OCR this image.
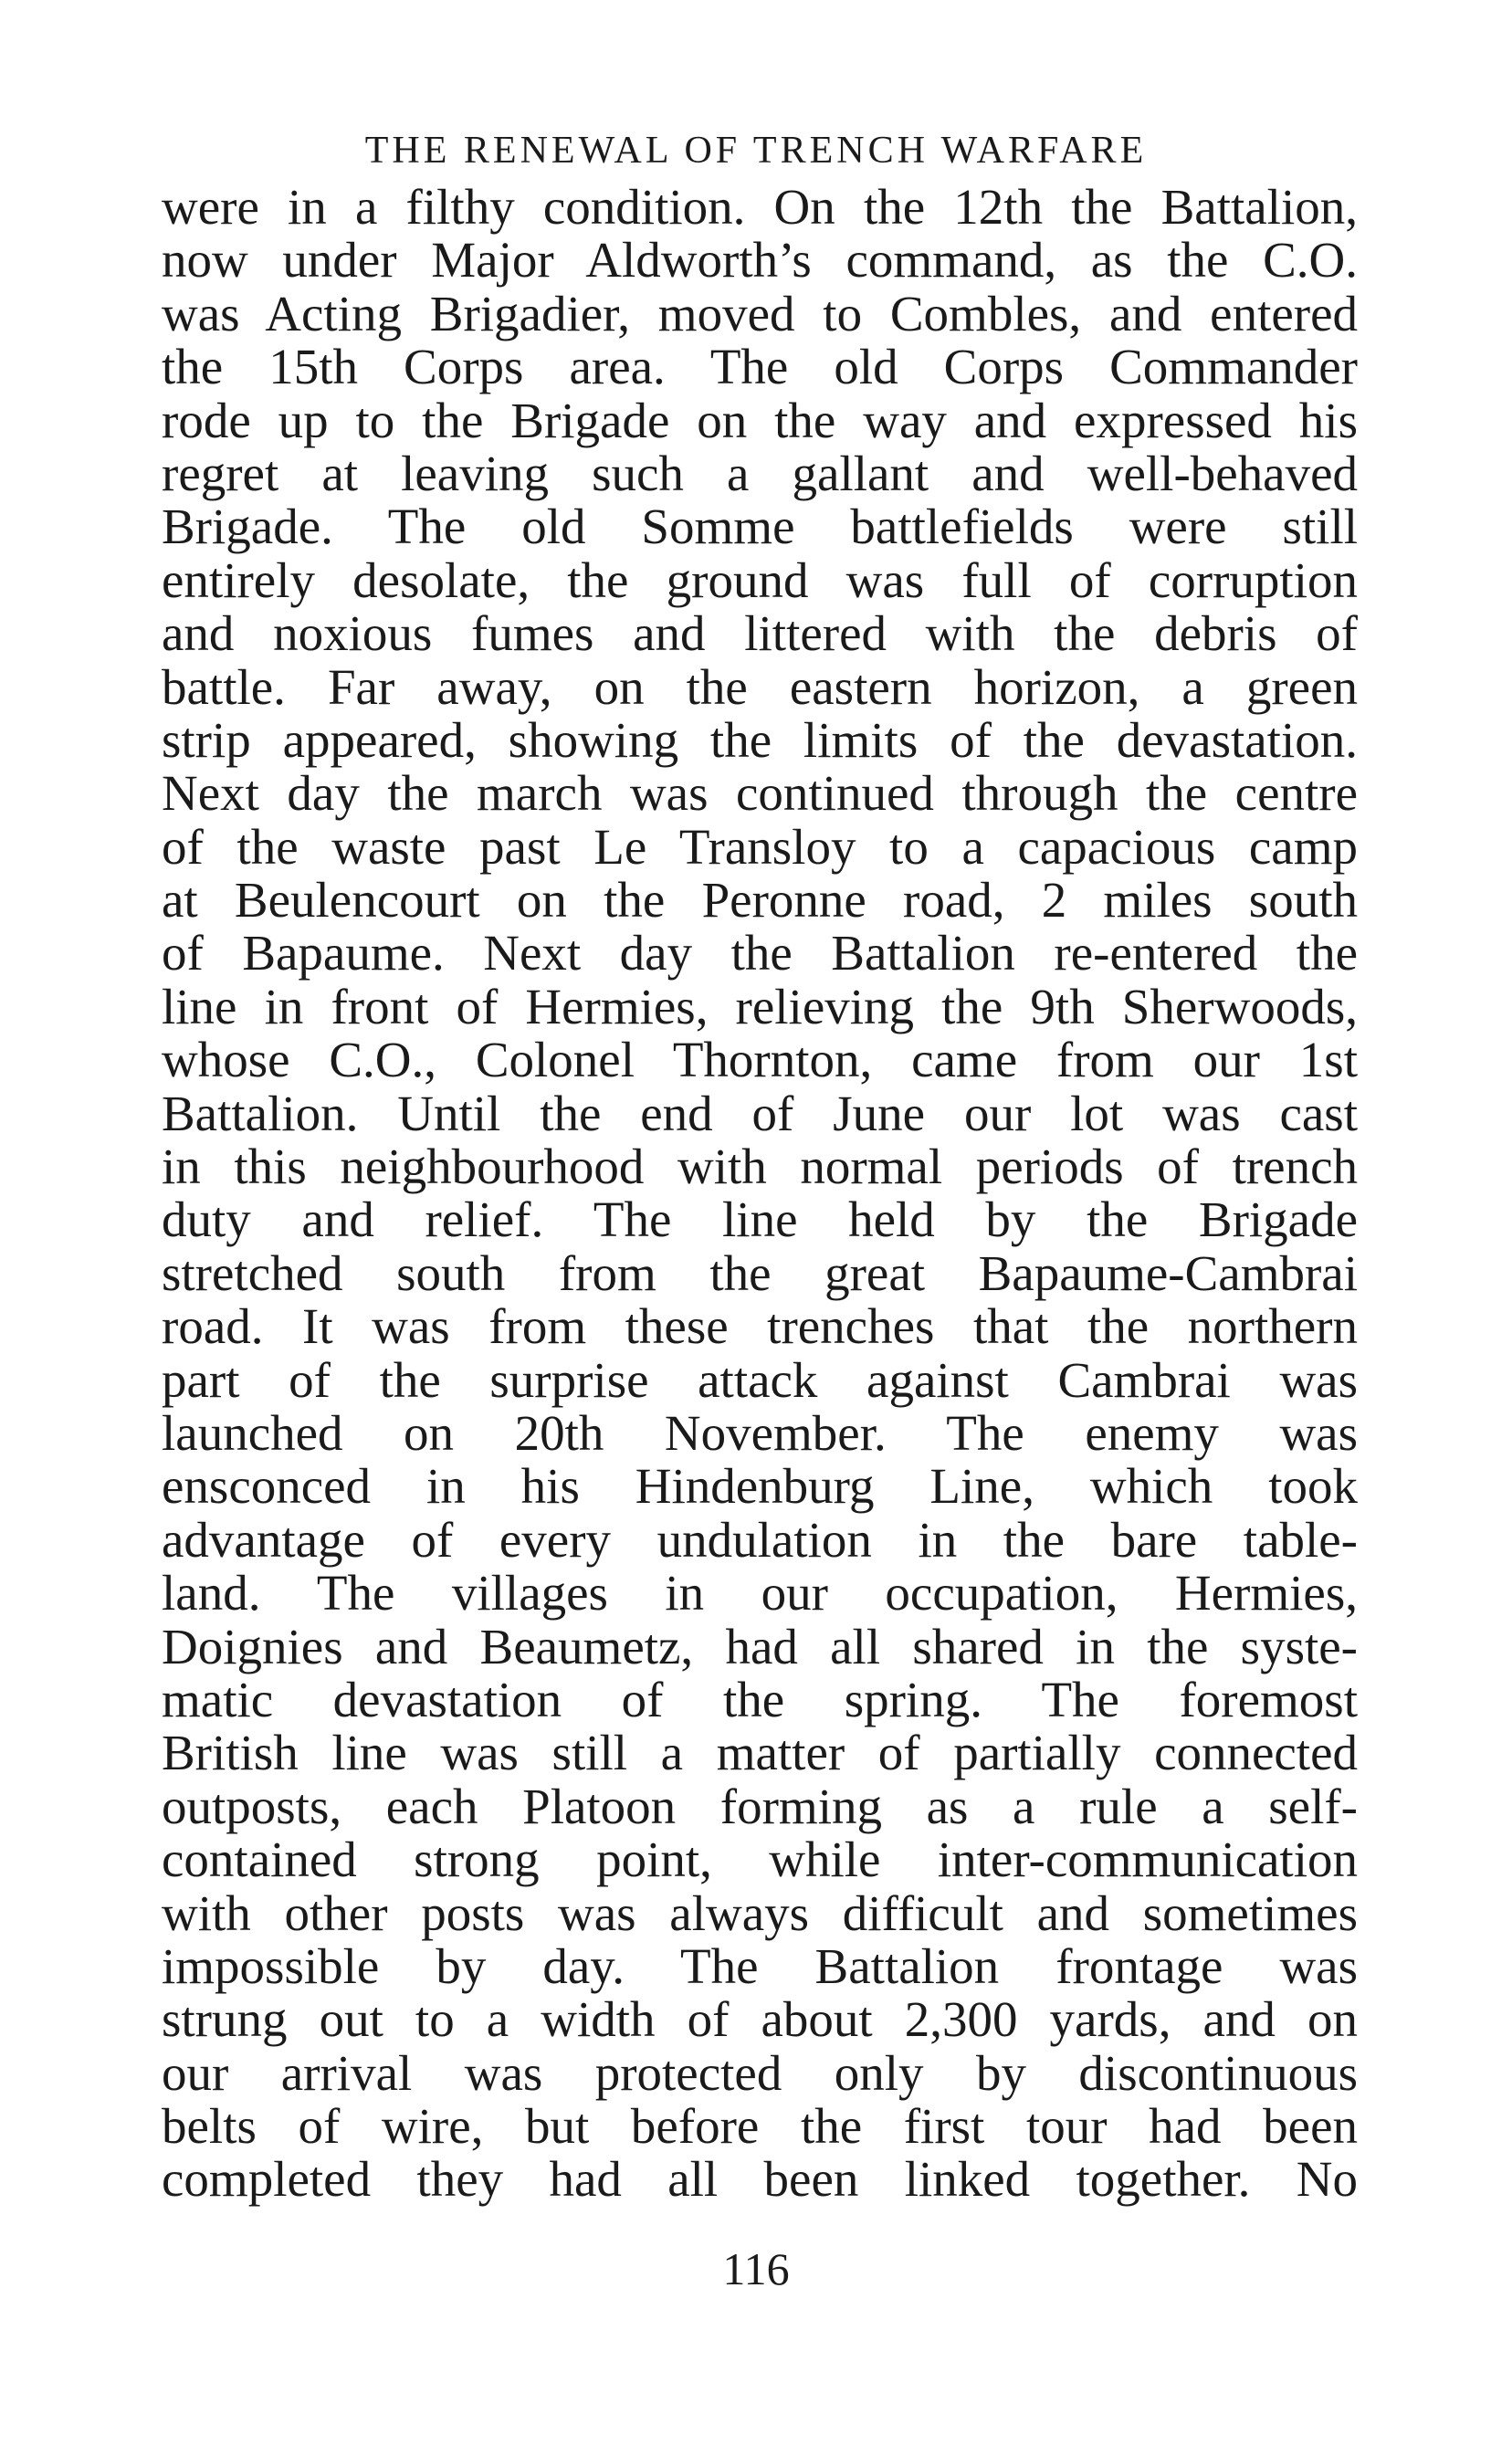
THE RENEWAL OF TRENCH WARFARE
were in a filthy condition. On the 12th the Battalion,
now under Major Aldworth’s command, as the C.O.
was Acting Brigadier, moved to Combles, and entered
the 15th Corps area. The old Corps Commander
rode up to the Brigade on the way and expressed his
regret at leaving such a gallant and well-behaved
Brigade. The old Somme battlefields were still
entirely desolate, the ground was full of corruption
and noxious fumes and littered with the debris of
battle. Far away, on the eastern horizon, a green
strip appeared, showing the limits of the devastation.
Next day the march was continued through the centre
of the waste past Le Transloy to a capacious camp
at Beulencourt on the Peronne road, 2 miles south
of Bapaume. Next day the Battalion re-entered the
line in front of Hermies, relieving the 9th Sherwoods,
whose C.O., Colonel Thornton, came from our 1st
Battalion. Until the end of June our lot was cast
in this neighbourhood with normal periods of trench
duty and relief. The line held by the Brigade
stretched south from the great Bapaume-Cambrai
road. It was from these trenches that the northern
part of the surprise attack against Cambrai was
launched on 20th November. The enemy was
ensconced in his Hindenburg Line, which took
advantage of every undulation in the bare table-
land. The villages in our occupation, Hermies,
Doignies and Beaumetz, had all shared in the syste-
matic devastation of the spring. The foremost
British line was still a matter of partially connected
outposts, each Platoon forming as a rule a self-
contained strong point, while inter-communication
with other posts was always difficult and sometimes
impossible by day. The Battalion frontage was
strung out to a width of about 2,300 yards, and on
our arrival was protected only by discontinuous
belts of wire, but before the first tour had been
completed they had all been linked together. No
116
